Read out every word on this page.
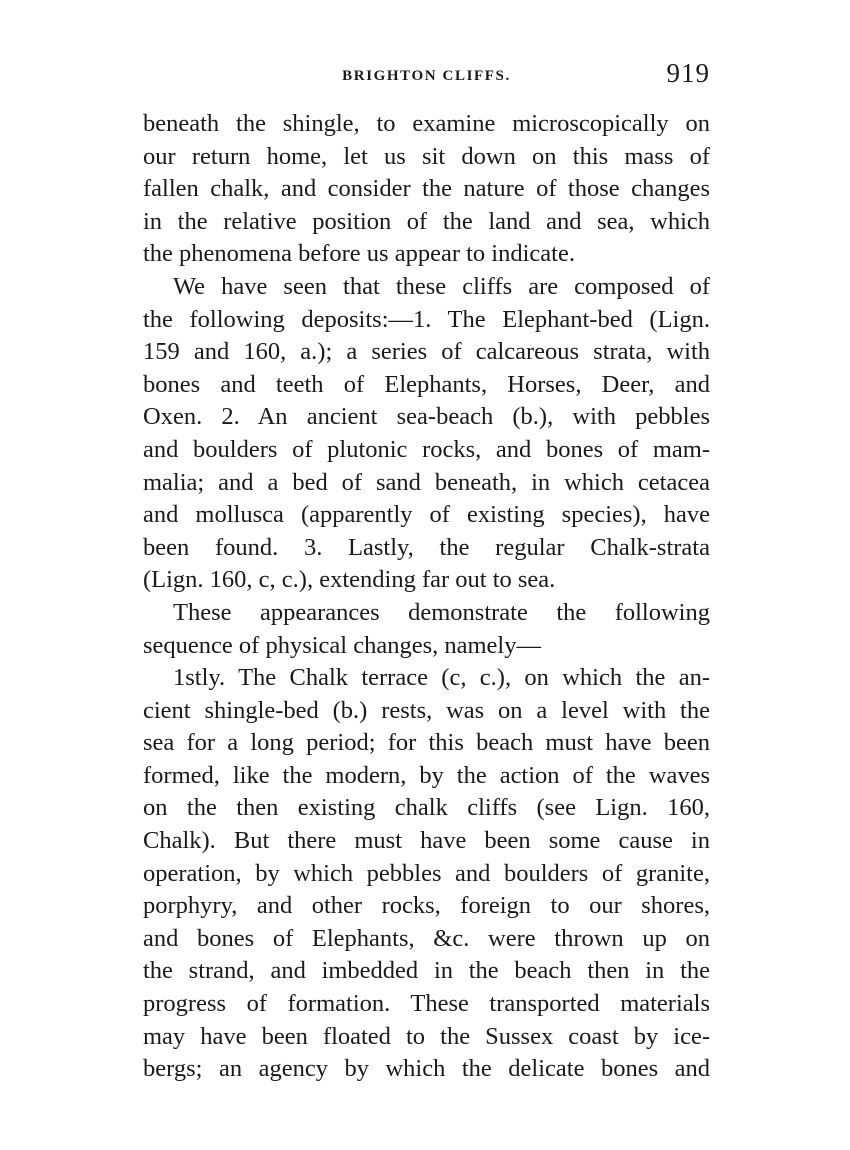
BRIGHTON CLIFFS.	919
beneath the shingle, to examine microscopically on
our return home, let us sit down on this mass of
fallen chalk, and consider the nature of those changes
in the relative position of the land and sea, which
the phenomena before us appear to indicate.
We have seen that these cliffs are composed of
the following deposits:—1. The Elephant-bed (Lign.
159 and 160, a.); a series of calcareous strata, with
bones and teeth of Elephants, Horses, Deer, and
Oxen. 2. An ancient sea-beach (b.), with pebbles
and boulders of plutonic rocks, and bones of mam-
malia; and a bed of sand beneath, in which cetacea
and mollusca (apparently of existing species), have
been found. 3. Lastly, the regular Chalk-strata
(Lign. 160, c, c.), extending far out to sea.
These appearances demonstrate the following
sequence of physical changes, namely—
1stly. The Chalk terrace (c, c.), on which the an-
cient shingle-bed (b.) rests, was on a level with the
sea for a long period; for this beach must have been
formed, like the modern, by the action of the waves
on the then existing chalk cliffs (see Lign. 160,
Chalk). But there must have been some cause in
operation, by which pebbles and boulders of granite,
porphyry, and other rocks, foreign to our shores,
and bones of Elephants, &c. were thrown up on
the strand, and imbedded in the beach then in the
progress of formation. These transported materials
may have been floated to the Sussex coast by ice-
bergs; an agency by which the delicate bones and
